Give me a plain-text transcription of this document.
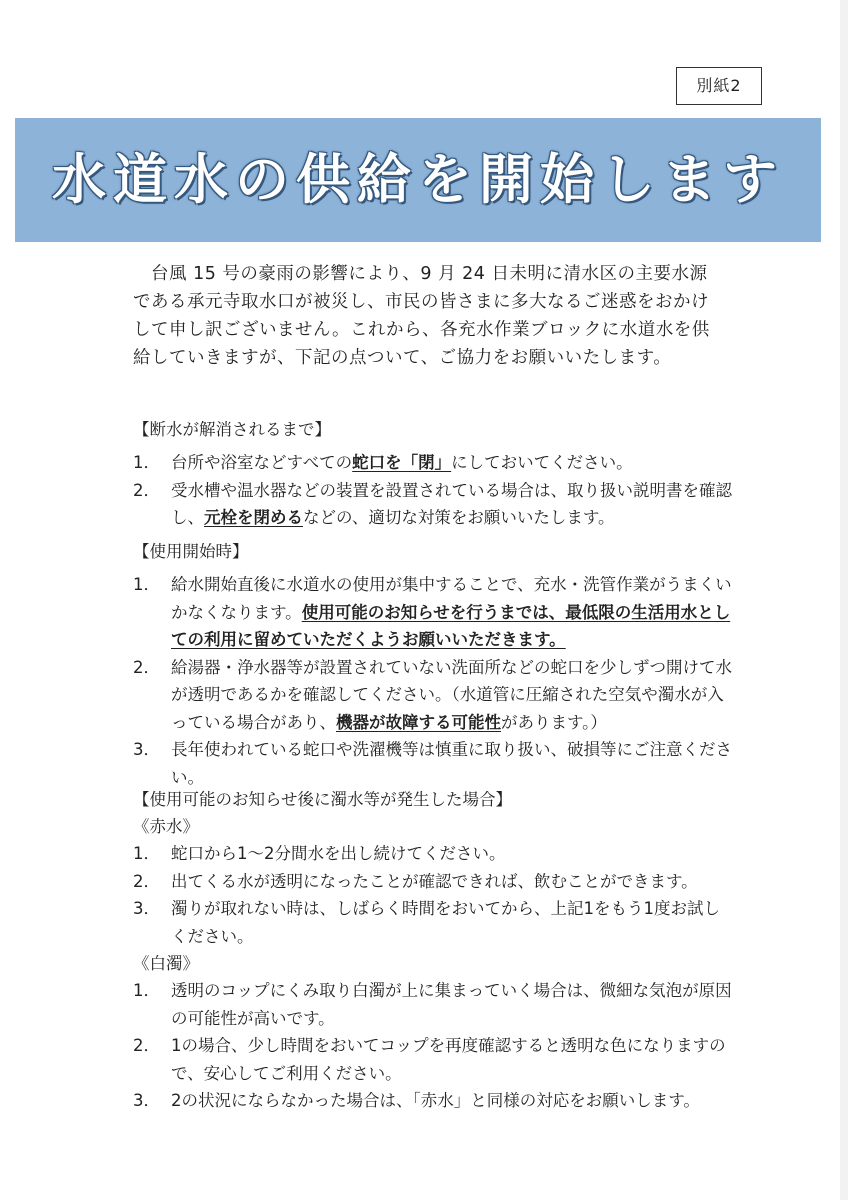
別紙2
水道水の供給を開始します
台風 15 号の豪雨の影響により、9 月 24 日未明に清水区の主要水源である承元寺取水口が被災し、市民の皆さまに多大なるご迷惑をおかけして申し訳ございません。これから、各充水作業ブロックに水道水を供給していきますが、下記の点ついて、ご協力をお願いいたします。
【断水が解消されるまで】
1． 台所や浴室などすべての蛇口を「閉」にしておいてください。
2． 受水槽や温水器などの装置を設置されている場合は、取り扱い説明書を確認し、元栓を閉めるなどの、適切な対策をお願いいたします。
【使用開始時】
1． 給水開始直後に水道水の使用が集中することで、充水・洗管作業がうまくいかなくなります。使用可能のお知らせを行うまでは、最低限の生活用水としての利用に留めていただくようお願いいただきます。
2． 給湯器・浄水器等が設置されていない洗面所などの蛇口を少しずつ開けて水が透明であるかを確認してください。（水道管に圧縮された空気や濁水が入っている場合があり、機器が故障する可能性があります。）
3． 長年使われている蛇口や洗濯機等は慎重に取り扱い、破損等にご注意ください。
【使用可能のお知らせ後に濁水等が発生した場合】
《赤水》
1． 蛇口から1～2分間水を出し続けてください。
2． 出てくる水が透明になったことが確認できれば、飲むことができます。
3． 濁りが取れない時は、しばらく時間をおいてから、上記1をもう1度お試しください。
《白濁》
1． 透明のコップにくみ取り白濁が上に集まっていく場合は、微細な気泡が原因の可能性が高いです。
2． 1の場合、少し時間をおいてコップを再度確認すると透明な色になりますので、安心してご利用ください。
3． 2の状況にならなかった場合は、「赤水」と同様の対応をお願いします。
